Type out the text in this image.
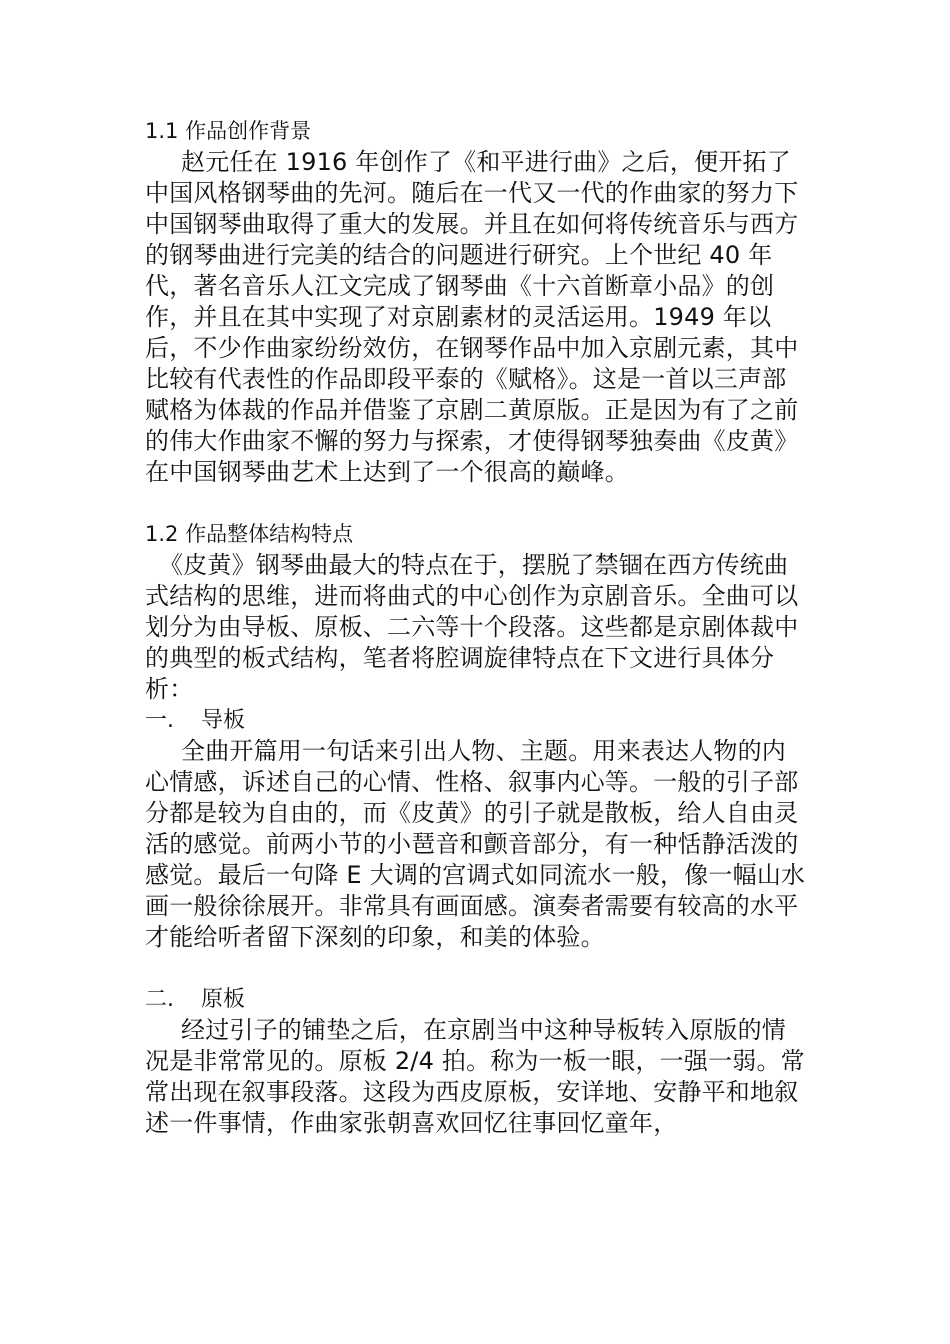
1.1 作品创作背景

赵元任在 1916 年创作了《和平进行曲》之后，便开拓了中国风格钢琴曲的先河。随后在一代又一代的作曲家的努力下中国钢琴曲取得了重大的发展。并且在如何将传统音乐与西方的钢琴曲进行完美的结合的问题进行研究。上个世纪 40 年代，著名音乐人江文完成了钢琴曲《十六首断章小品》的创作，并且在其中实现了对京剧素材的灵活运用。1949 年以后，不少作曲家纷纷效仿，在钢琴作品中加入京剧元素，其中比较有代表性的作品即段平泰的《赋格》。这是一首以三声部赋格为体裁的作品并借鉴了京剧二黄原版。正是因为有了之前的伟大作曲家不懈的努力与探索，才使得钢琴独奏曲《皮黄》在中国钢琴曲艺术上达到了一个很高的巅峰。

1.2 作品整体结构特点

《皮黄》钢琴曲最大的特点在于，摆脱了禁锢在西方传统曲式结构的思维，进而将曲式的中心创作为京剧音乐。全曲可以划分为由导板、原板、二六等十个段落。这些都是京剧体裁中的典型的板式结构，笔者将腔调旋律特点在下文进行具体分析：

一. 导板

全曲开篇用一句话来引出人物、主题。用来表达人物的内心情感，诉述自己的心情、性格、叙事内心等。一般的引子部分都是较为自由的，而《皮黄》的引子就是散板，给人自由灵活的感觉。前两小节的小琶音和颤音部分，有一种恬静活泼的感觉。最后一句降 E 大调的宫调式如同流水一般，像一幅山水画一般徐徐展开。非常具有画面感。演奏者需要有较高的水平才能给听者留下深刻的印象，和美的体验。

二. 原板

经过引子的铺垫之后，在京剧当中这种导板转入原版的情况是非常常见的。原板 2/4 拍。称为一板一眼，一强一弱。常常出现在叙事段落。这段为西皮原板，安详地、安静平和地叙述一件事情，作曲家张朝喜欢回忆往事回忆童年，
